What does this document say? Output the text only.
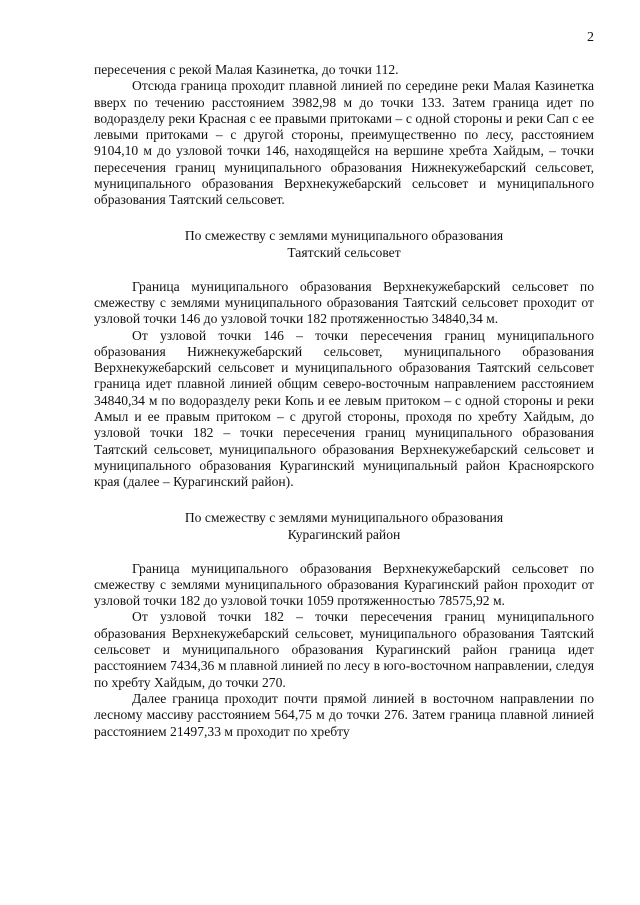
2

пересечения с рекой Малая Казинетка, до точки 112.

Отсюда граница проходит плавной линией по середине реки Малая Казинетка вверх по течению расстоянием 3982,98 м до точки 133. Затем граница идет по водоразделу реки Красная с ее правыми притоками – с одной стороны и реки Сап с ее левыми притоками – с другой стороны, преимущественно по лесу, расстоянием 9104,10 м до узловой точки 146, находящейся на вершине хребта Хайдым, – точки пересечения границ муниципального образования Нижнекужебарский сельсовет, муниципального образования Верхнекужебарский сельсовет и муниципального образования Таятский сельсовет.

По смежеству с землями муниципального образования

Таятский сельсовет

Граница муниципального образования Верхнекужебарский сельсовет по смежеству с землями муниципального образования Таятский сельсовет проходит от узловой точки 146 до узловой точки 182 протяженностью 34840,34 м.

От узловой точки 146 – точки пересечения границ муниципального образования Нижнекужебарский сельсовет, муниципального образования Верхнекужебарский сельсовет и муниципального образования Таятский сельсовет граница идет плавной линией общим северо-восточным направлением расстоянием 34840,34 м по водоразделу реки Копь и ее левым притоком – с одной стороны и реки Амыл и ее правым притоком – с другой стороны, проходя по хребту Хайдым, до узловой точки 182 – точки пересечения границ муниципального образования Таятский сельсовет, муниципального образования Верхнекужебарский сельсовет и муниципального образования Курагинский муниципальный район Красноярского края (далее – Курагинский район).

По смежеству с землями муниципального образования

Курагинский район

Граница муниципального образования Верхнекужебарский сельсовет по смежеству с землями муниципального образования Курагинский район проходит от узловой точки 182 до узловой точки 1059 протяженностью 78575,92 м.

От узловой точки 182 – точки пересечения границ муниципального образования Верхнекужебарский сельсовет, муниципального образования Таятский сельсовет и муниципального образования Курагинский район граница идет расстоянием 7434,36 м плавной линией по лесу в юго-восточном направлении, следуя по хребту Хайдым, до точки 270.

Далее граница проходит почти прямой линией в восточном направлении по лесному массиву расстоянием 564,75 м до точки 276. Затем граница плавной линией расстоянием 21497,33 м проходит по хребту
